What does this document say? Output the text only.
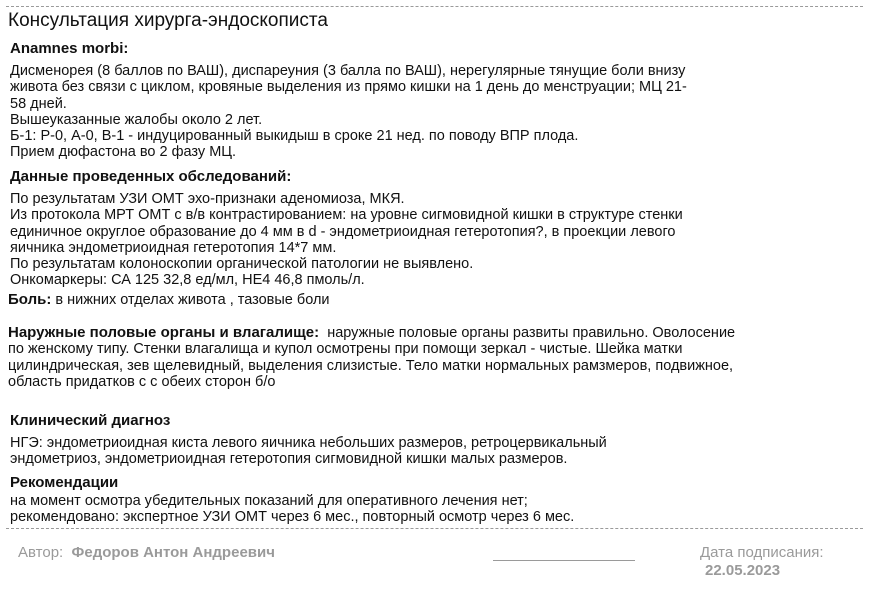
Консультация хирурга-эндоскописта
Anamnes morbi:
Дисменорея (8 баллов по ВАШ), диспареуния (3 балла по ВАШ), нерегулярные тянущие боли внизу
живота без связи с циклом, кровяные выделения из прямо кишки на 1 день до менструации; МЦ 21-
58 дней.
Вышеуказанные жалобы около 2 лет.
Б-1: Р-0, А-0, В-1 - индуцированный выкидыш в сроке 21 нед. по поводу ВПР плода.
Прием дюфастона во 2 фазу МЦ.
Данные проведенных обследований:
По результатам УЗИ ОМТ эхо-признаки аденомиоза, МКЯ.
Из протокола МРТ ОМТ с в/в контрастированием: на уровне сигмовидной кишки в структуре стенки
единичное округлое образование до 4 мм в d - эндометриоидная гетеротопия?, в проекции левого
яичника эндометриоидная гетеротопия 14*7 мм.
По результатам колоноскопии органической патологии не выявлено.
Онкомаркеры: СА 125 32,8 ед/мл, НЕ4 46,8 пмоль/л.
Боль: в нижних отделах живота , тазовые боли
Наружные половые органы и влагалище: наружные половые органы развиты правильно. Оволосение
по женскому типу. Стенки влагалища и купол осмотрены при помощи зеркал - чистые. Шейка матки
цилиндрическая, зев щелевидный, выделения слизистые. Тело матки нормальных рамзмеров, подвижное,
область придатков с с обеих сторон б/о
Клинический диагноз
НГЭ: эндометриоидная киста левого яичника небольших размеров, ретроцервикальный
эндометриоз, эндометриоидная гетеротопия сигмовидной кишки малых размеров.
Рекомендации
на момент осмотра убедительных показаний для оперативного лечения нет;
рекомендовано: экспертное УЗИ ОМТ через 6 мес., повторный осмотр через 6 мес.
Автор: Федоров Антон Андреевич	Дата подписания:
22.05.2023
